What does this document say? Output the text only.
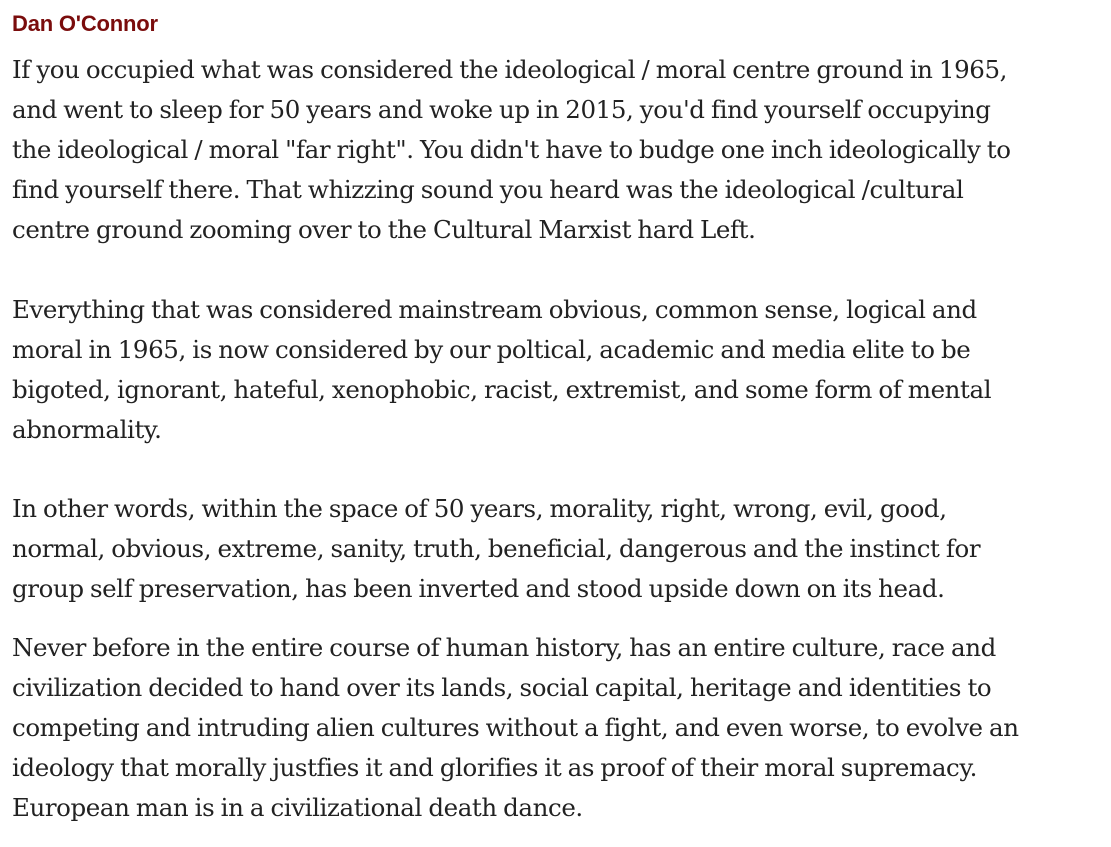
Dan O'Connor
If you occupied what was considered the ideological / moral centre ground in 1965,
and went to sleep for 50 years and woke up in 2015, you'd find yourself occupying
the ideological / moral "far right". You didn't have to budge one inch ideologically to
find yourself there. That whizzing sound you heard was the ideological /cultural
centre ground zooming over to the Cultural Marxist hard Left.
Everything that was considered mainstream obvious, common sense, logical and
moral in 1965, is now considered by our poltical, academic and media elite to be
bigoted, ignorant, hateful, xenophobic, racist, extremist, and some form of mental
abnormality.
In other words, within the space of 50 years, morality, right, wrong, evil, good,
normal, obvious, extreme, sanity, truth, beneficial, dangerous and the instinct for
group self preservation, has been inverted and stood upside down on its head.
Never before in the entire course of human history, has an entire culture, race and
civilization decided to hand over its lands, social capital, heritage and identities to
competing and intruding alien cultures without a fight, and even worse, to evolve an
ideology that morally justfies it and glorifies it as proof of their moral supremacy.
European man is in a civilizational death dance.
